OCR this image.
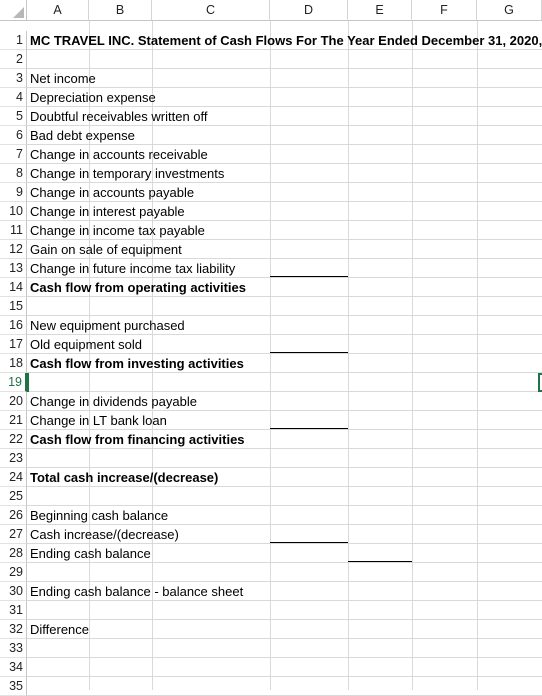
A	B	C	D	E	F	G
1 MC TRAVEL INC. Statement of Cash Flows For The Year Ended December 31, 2020,
2
3 Net income
4 Depreciation expense
5 Doubtful receivables written off
6 Bad debt expense
7 Change in accounts receivable
8 Change in temporary investments
9 Change in accounts payable
10 Change in interest payable
11 Change in income tax payable
12 Gain on sale of equipment
13 Change in future income tax liability
14 Cash flow from operating activities
15
16 New equipment purchased
17 Old equipment sold
18 Cash flow from investing activities
19
20 Change in dividends payable
21 Change in LT bank loan
22 Cash flow from financing activities
23
24 Total cash increase/(decrease)
25
26 Beginning cash balance
27 Cash increase/(decrease)
28 Ending cash balance
29
30 Ending cash balance - balance sheet
31
32 Difference
33
34
35
